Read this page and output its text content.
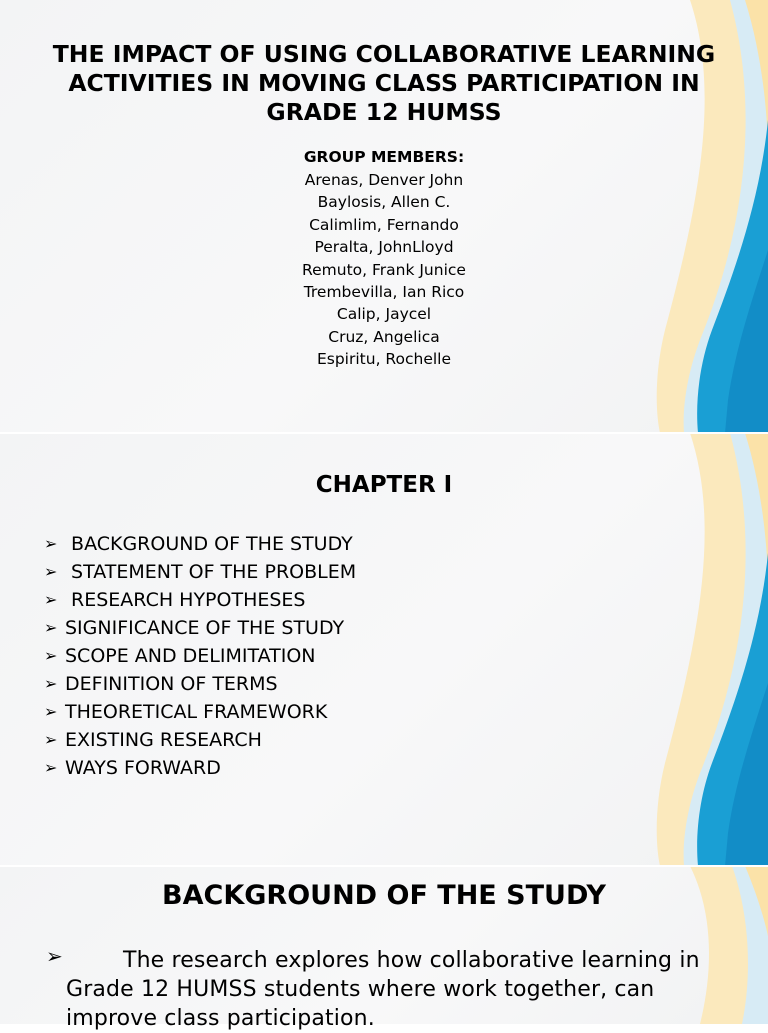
THE IMPACT OF USING COLLABORATIVE LEARNING ACTIVITIES IN MOVING CLASS PARTICIPATION IN GRADE 12 HUMSS

GROUP MEMBERS:

Arenas, Denver John
Baylosis, Allen C.
Calimlim, Fernando
Peralta, JohnLloyd
Remuto, Frank Junice
Trembevilla, Ian Rico
Calip, Jaycel
Cruz, Angelica
Espiritu, Rochelle
CHAPTER I
➢ BACKGROUND OF THE STUDY
➢ STATEMENT OF THE PROBLEM
➢ RESEARCH HYPOTHESES
➢ SIGNIFICANCE OF THE STUDY
➢ SCOPE AND DELIMITATION
➢ DEFINITION OF TERMS
➢ THEORETICAL FRAMEWORK
➢ EXISTING RESEARCH
➢ WAYS FORWARD
BACKGROUND OF THE STUDY
➢	The research explores how collaborative learning in Grade 12 HUMSS students where work together, can improve class participation.
